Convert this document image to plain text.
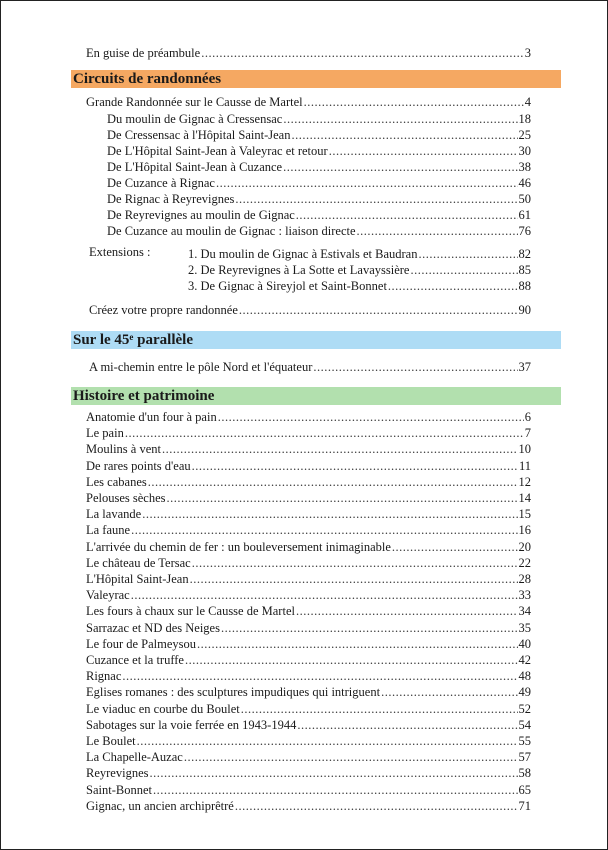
En guise de préambule .....	3
Circuits de randonnées
Grande Randonnée sur le Causse de Martel .....	4
Du moulin de Gignac à Cressensac .....	18
De Cressensac à l'Hôpital Saint-Jean .....	25
De L'Hôpital Saint-Jean à Valeyrac et retour .....	30
De L'Hôpital Saint-Jean à Cuzance .....	38
De Cuzance à Rignac .....	46
De Rignac à Reyrevignes .....	50
De Reyrevignes au moulin de Gignac .....	61
De Cuzance au moulin de Gignac : liaison directe .....	76
Extensions :	1. Du moulin de Gignac à Estivals et Baudran .....	82
2. De Reyrevignes à La Sotte et Lavayssière .....	85
3. De Gignac à Sireyjol et Saint-Bonnet .....	88
Créez votre propre randonnée .....	90
Sur le 45e parallèle
A mi-chemin entre le pôle Nord et l'équateur .....	37
Histoire et patrimoine
Anatomie d'un four à pain .....	6
Le pain .....	7
Moulins à vent .....	10
De rares points d'eau .....	11
Les cabanes .....	12
Pelouses sèches .....	14
La lavande .....	15
La faune .....	16
L'arrivée du chemin de fer : un bouleversement inimaginable .....	20
Le château de Tersac .....	22
L'Hôpital Saint-Jean .....	28
Valeyrac .....	33
Les fours à chaux sur le Causse de Martel .....	34
Sarrazac et ND des Neiges .....	35
Le four de Palmeysou .....	40
Cuzance et la truffe .....	42
Rignac .....	48
Eglises romanes : des sculptures impudiques qui intriguent .....	49
Le viaduc en courbe du Boulet .....	52
Sabotages sur la voie ferrée en 1943-1944 .....	54
Le Boulet .....	55
La Chapelle-Auzac .....	57
Reyrevignes .....	58
Saint-Bonnet .....	65
Gignac, un ancien archiprêtré .....	71
